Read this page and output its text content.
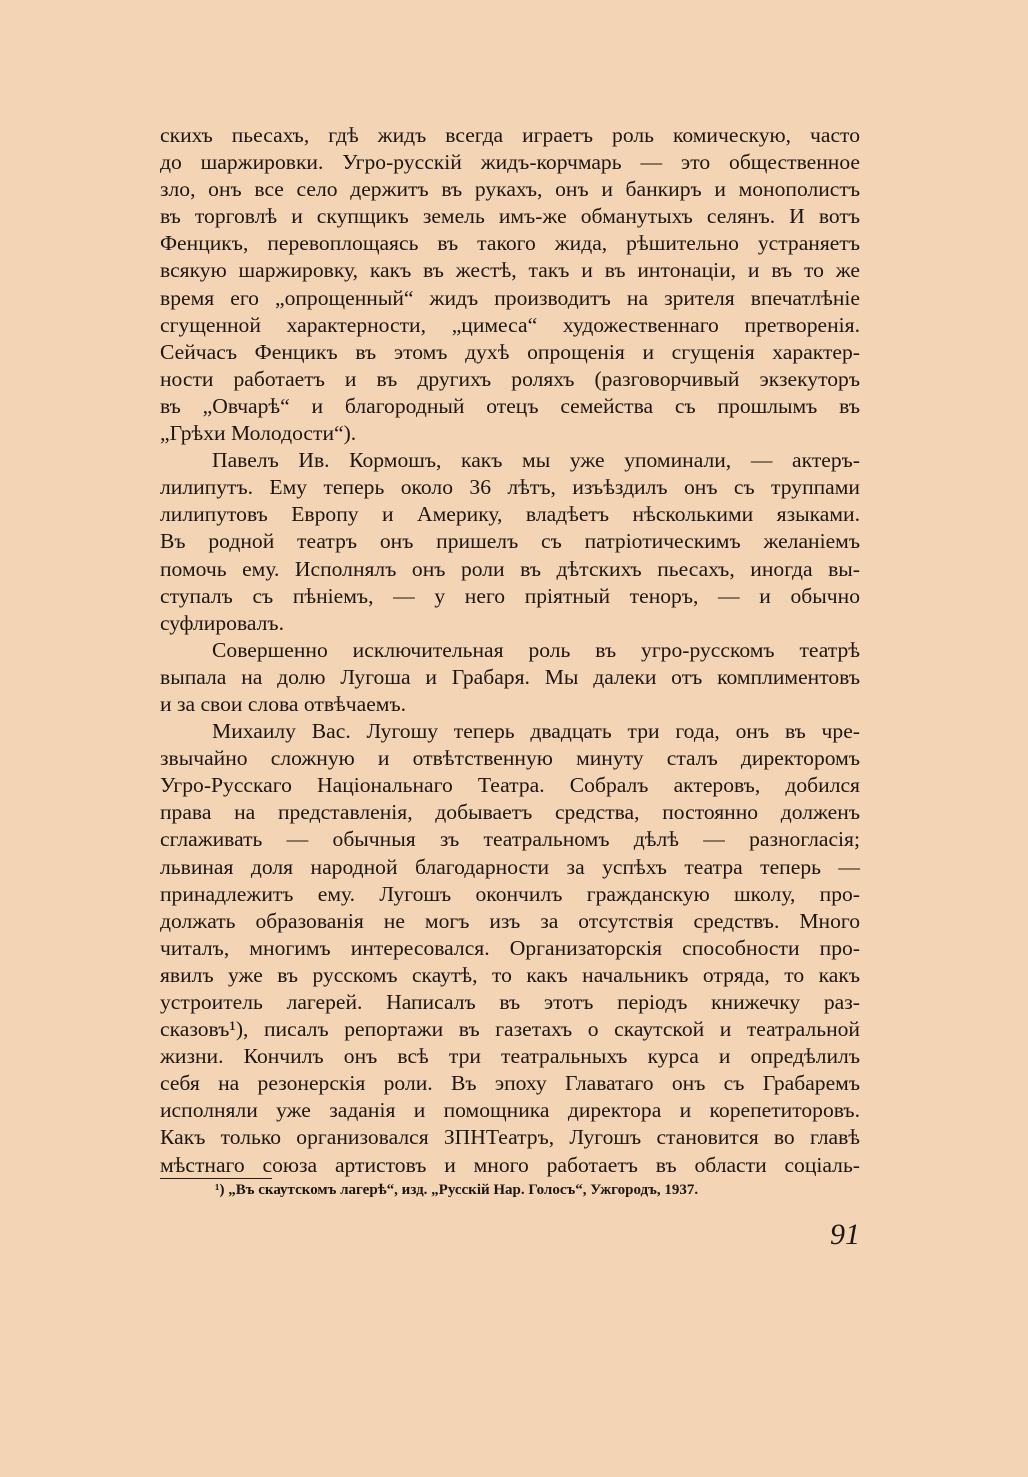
скихъ пьесахъ, гдѣ жидъ всегда играетъ роль комическую, часто
до шаржировки. Угро-русскій жидъ-корчмарь — это общественное
зло, онъ все село держитъ въ рукахъ, онъ и банкиръ и монополистъ
въ торговлѣ и скупщикъ земель имъ-же обманутыхъ селянъ. И вотъ
Фенцикъ, перевоплощаясь въ такого жида, рѣшительно устраняетъ
всякую шаржировку, какъ въ жестѣ, такъ и въ интонаціи, и въ то же
время его „опрощенный“ жидъ производитъ на зрителя впечатлѣніе
сгущенной характерности, „цимеса“ художественнаго претворенія.
Сейчасъ Фенцикъ въ этомъ духѣ опрощенія и сгущенія характер-
ности работаетъ и въ другихъ роляхъ (разговорчивый экзекуторъ
въ „Овчарѣ“ и благородный отецъ семейства съ прошлымъ въ
„Грѣхи Молодости“).
Павелъ Ив. Кормошъ, какъ мы уже упоминали, — актеръ-
лилипутъ. Ему теперь около 36 лѣтъ, изъѣздилъ онъ съ труппами
лилипутовъ Европу и Америку, владѣетъ нѣсколькими языками.
Въ родной театръ онъ пришелъ съ патріотическимъ желаніемъ
помочь ему. Исполнялъ онъ роли въ дѣтскихъ пьесахъ, иногда вы-
ступалъ съ пѣніемъ, — у него пріятный теноръ, — и обычно
суфлировалъ.
Совершенно исключительная роль въ угро-русскомъ театрѣ
выпала на долю Лугоша и Грабаря. Мы далеки отъ комплиментовъ
и за свои слова отвѣчаемъ.
Михаилу Вас. Лугошу теперь двадцать три года, онъ въ чре-
звычайно сложную и отвѣтственную минуту сталъ директоромъ
Угро-Русскаго Національнаго Театра. Собралъ актеровъ, добился
права на представленія, добываетъ средства, постоянно долженъ
сглаживать — обычныя зъ театральномъ дѣлѣ — разногласія;
львиная доля народной благодарности за успѣхъ театра теперь —
принадлежитъ ему. Лугошъ окончилъ гражданскую школу, про-
должать образованія не могъ изъ за отсутствія средствъ. Много
читалъ, многимъ интересовался. Организаторскія способности про-
явилъ уже въ русскомъ скаутѣ, то какъ начальникъ отряда, то какъ
устроитель лагерей. Написалъ въ этотъ періодъ книжечку раз-
сказовъ¹), писалъ репортажи въ газетахъ о скаутской и театральной
жизни. Кончилъ онъ всѣ три театральныхъ курса и опредѣлилъ
себя на резонерскія роли. Въ эпоху Главатаго онъ съ Грабаремъ
исполняли уже заданія и помощника директора и корепетиторовъ.
Какъ только организовался ЗПНТеатръ, Лугошъ становится во главѣ
мѣстнаго союза артистовъ и много работаетъ въ области соціаль-
¹) „Въ скаутскомъ лагерѣ“, изд. „Русскій Нар. Голосъ“, Ужгородъ, 1937.
91
